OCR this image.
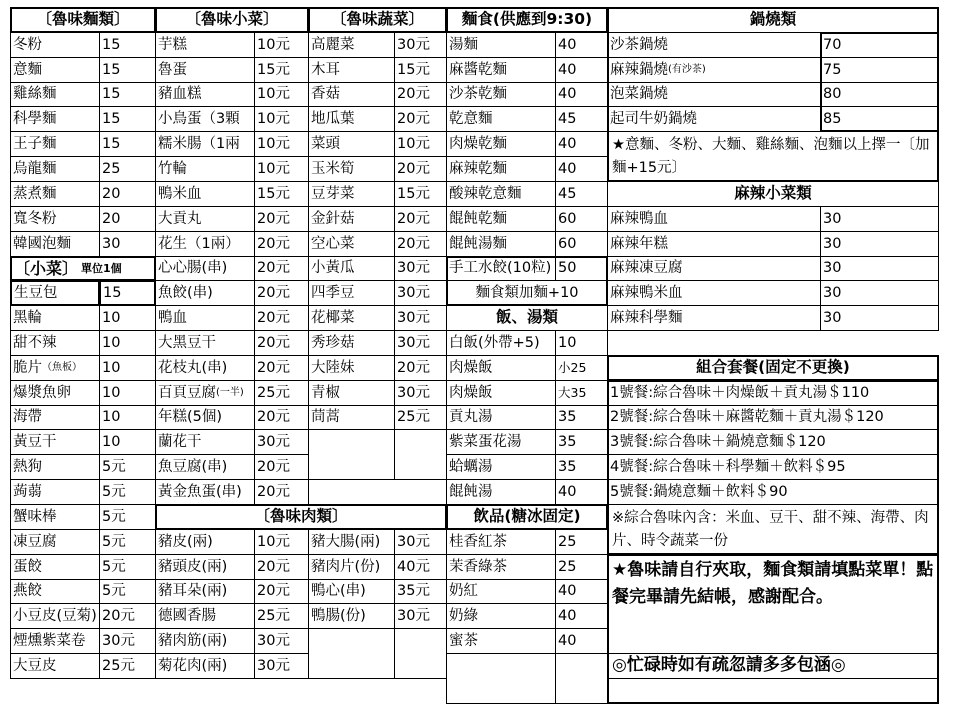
〔魯味麵類〕
冬粉	15
意麵	15
雞絲麵	15
科學麵	15
王子麵	15
烏龍麵	25
蒸煮麵	20
寬冬粉	20
韓國泡麵	30
〔小菜〕 單位1個
生豆包	15
黑輪	10
甜不辣	10
脆片 （魚板） 10
爆漿魚卵 10
海帶	10
黃豆干	10
熱狗	5元
蒟蒻	5元
蟹味棒	5元
凍豆腐	5元
蛋餃	5元
燕餃	5元
小豆皮(豆菊) 20元
煙燻紫菜卷 30元
大豆皮	25元
〔魯味小菜〕
芋糕	10元
魯蛋	15元
豬血糕	10元
小鳥蛋（3顆 10元
糯米腸（1兩 10元
竹輪	10元
鴨米血	15元
大貢丸	20元
花生（1兩） 20元
心心腸(串) 20元
魚餃(串)	20元
鴨血	20元
大黑豆干	20元
花枝丸(串) 20元
百頁豆腐 (一半) 25元
年糕(5個) 20元
蘭花干	30元
魚豆腐(串) 20元
黃金魚蛋(串) 20元
〔魯味蔬菜〕
高麗菜	30元
木耳	15元
香菇	20元
地瓜葉	20元
菜頭	10元
玉米筍	20元
豆芽菜	15元
金針菇	20元
空心菜	20元
小黃瓜	30元
四季豆	30元
花椰菜	30元
秀珍菇	30元
大陸妹	20元
青椒	30元
茼蒿	25元
〔魯味肉類〕
豬皮(兩)	10元
豬頭皮(兩)	20元
豬耳朵(兩)	20元
德國香腸	25元
豬肉筋(兩)	30元
菊花肉(兩)	30元
豬大腸(兩)	30元
豬肉片(份)	40元
鴨心(串)	35元
鴨腸(份)	30元
麵食(供應到9:30)
湯麵	40
麻醬乾麵	40
沙茶乾麵	40
乾意麵	45
肉燥乾麵	40
麻辣乾麵	40
酸辣乾意麵	45
餛飩乾麵	60
餛飩湯麵	60
手工水餃(10粒) 50
麵食類加麵+10
飯、湯類
白飯(外帶+5)	10
肉燥飯	小25
肉燥飯	大35
貢丸湯	35
紫菜蛋花湯	35
蛤蠣湯	35
餛飩湯	40
飲品(糖冰固定)
桂香紅茶	25
茉香綠茶	25
奶紅	40
奶綠	40
蜜茶	40
鍋燒類
沙茶鍋燒	70
麻辣鍋燒 (有沙茶)	75
泡菜鍋燒	80
起司牛奶鍋燒	85
★意麵、冬粉、大麵、雞絲麵、泡麵以上擇一〔加麵+15元〕
麻辣小菜類
麻辣鴨血	30
麻辣年糕	30
麻辣凍豆腐	30
麻辣鴨米血	30
麻辣科學麵	30
組合套餐(固定不更換)
1號餐:綜合魯味＋肉燥飯＋貢丸湯＄110
2號餐:綜合魯味＋麻醬乾麵＋貢丸湯＄120
3號餐:綜合魯味＋鍋燒意麵＄120
4號餐:綜合魯味＋科學麵＋飲料＄95
5號餐:鍋燒意麵＋飲料＄90
※綜合魯味內含：米血、豆干、甜不辣、海帶、肉片、時令蔬菜一份
★魯味請自行夾取，麵食類請填點菜單！點餐完畢請先結帳，感謝配合。
◎忙碌時如有疏忽請多多包涵◎
